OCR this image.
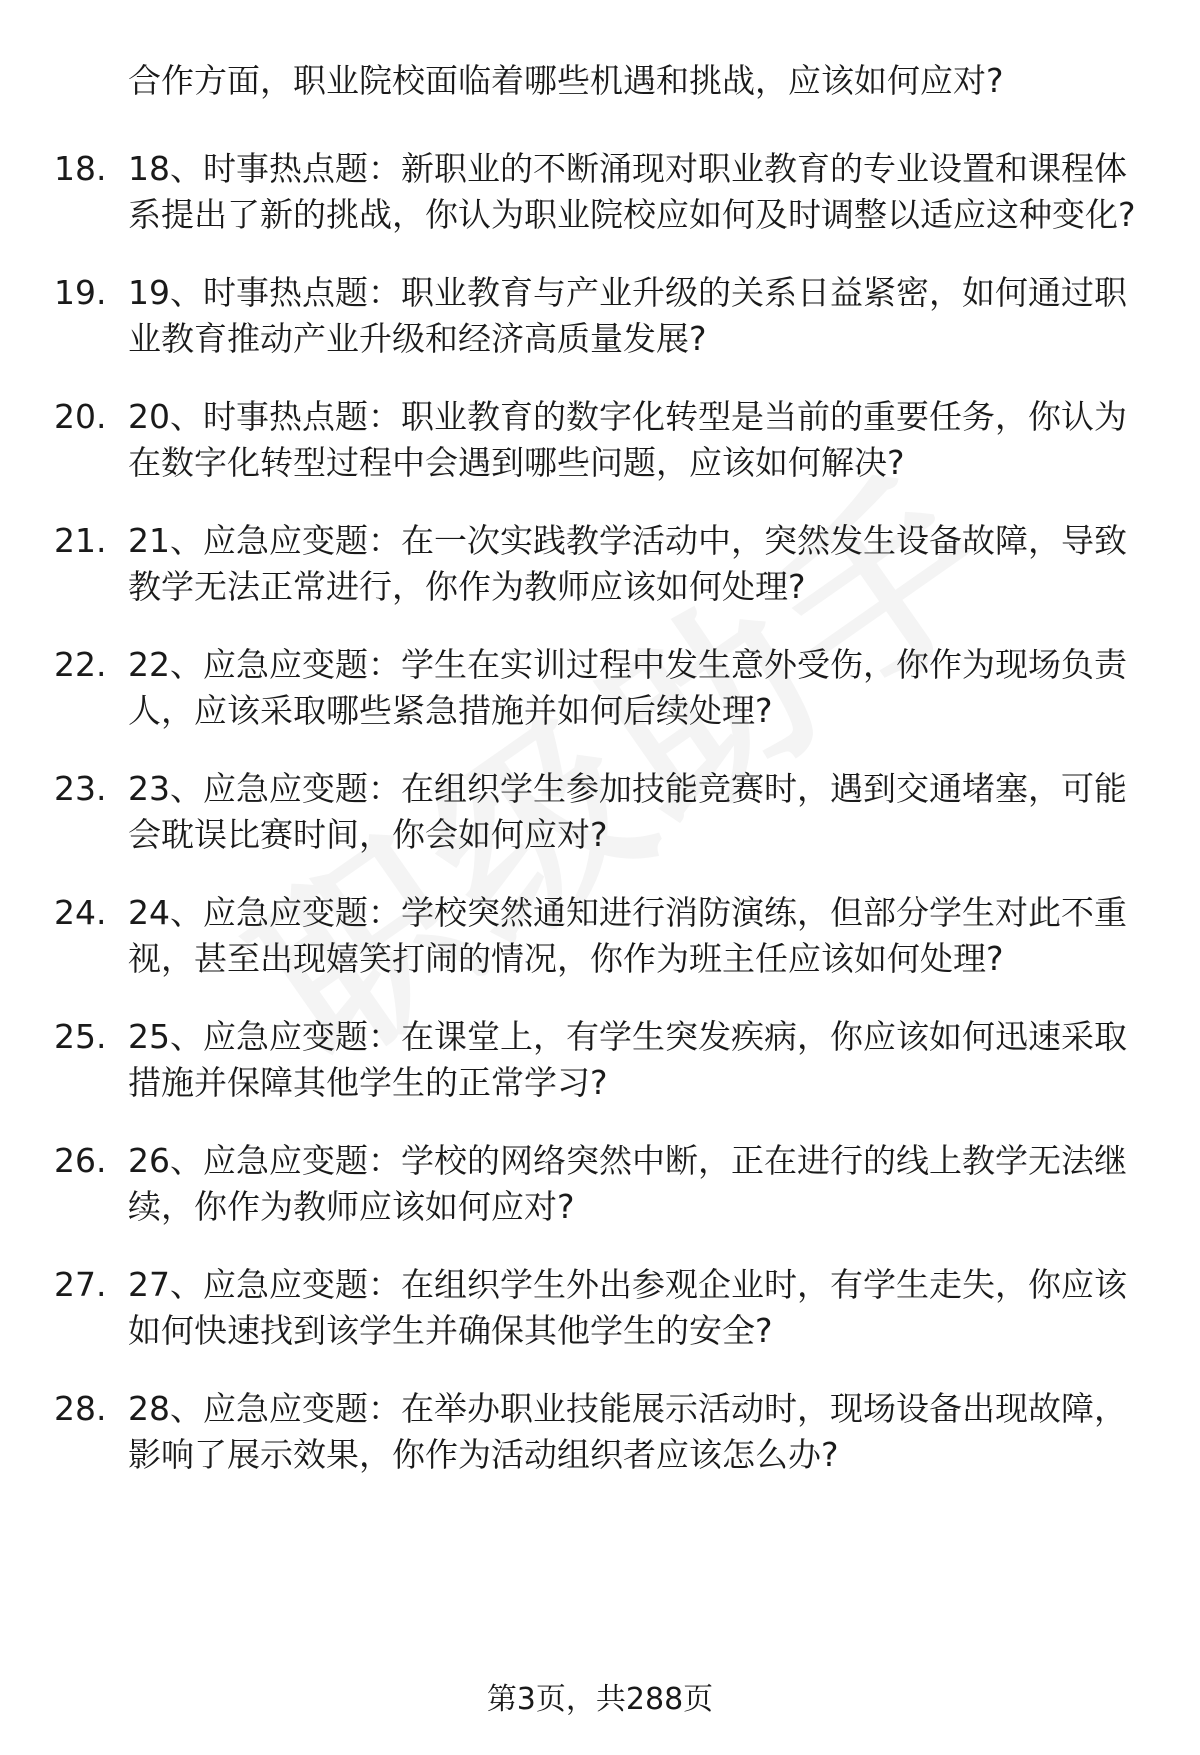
合作方面，职业院校面临着哪些机遇和挑战，应该如何应对?
18. 18、时事热点题：新职业的不断涌现对职业教育的专业设置和课程体系提出了新的挑战，你认为职业院校应如何及时调整以适应这种变化?
19. 19、时事热点题：职业教育与产业升级的关系日益紧密，如何通过职业教育推动产业升级和经济高质量发展?
20. 20、时事热点题：职业教育的数字化转型是当前的重要任务，你认为在数字化转型过程中会遇到哪些问题，应该如何解决?
21. 21、应急应变题：在一次实践教学活动中，突然发生设备故障，导致教学无法正常进行，你作为教师应该如何处理?
22. 22、应急应变题：学生在实训过程中发生意外受伤，你作为现场负责人，应该采取哪些紧急措施并如何后续处理?
23. 23、应急应变题：在组织学生参加技能竞赛时，遇到交通堵塞，可能会耽误比赛时间，你会如何应对?
24. 24、应急应变题：学校突然通知进行消防演练，但部分学生对此不重视，甚至出现嬉笑打闹的情况，你作为班主任应该如何处理?
25. 25、应急应变题：在课堂上，有学生突发疾病，你应该如何迅速采取措施并保障其他学生的正常学习?
26. 26、应急应变题：学校的网络突然中断，正在进行的线上教学无法继续，你作为教师应该如何应对?
27. 27、应急应变题：在组织学生外出参观企业时，有学生走失，你应该如何快速找到该学生并确保其他学生的安全?
28. 28、应急应变题：在举办职业技能展示活动时，现场设备出现故障，影响了展示效果，你作为活动组织者应该怎么办?
第3页，共288页
